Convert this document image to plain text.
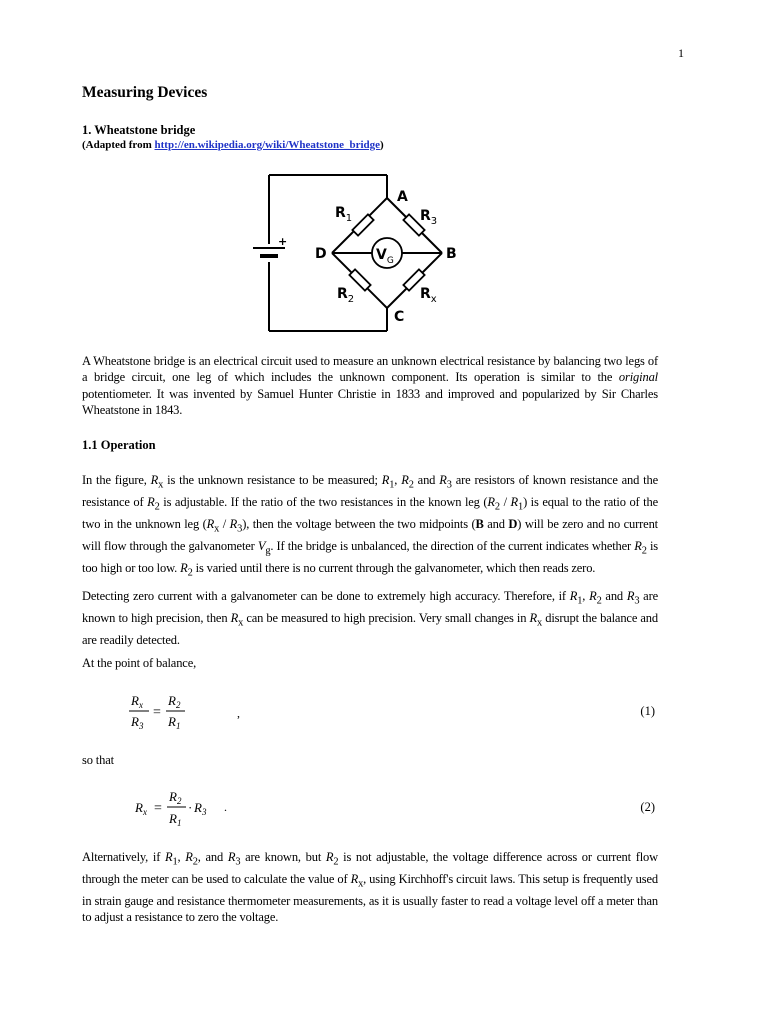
1
Measuring Devices
1. Wheatstone bridge
(Adapted from http://en.wikipedia.org/wiki/Wheatstone_bridge)
+
A
B
C
D
$R_1$	$R_3$
$R_2$	$R_x$
$V_G$

A Wheatstone bridge is an electrical circuit used to measure an unknown electrical resistance by balancing two legs of a bridge circuit, one leg of which includes the unknown component. Its operation is similar to the original potentiometer. It was invented by Samuel Hunter Christie in 1833 and improved and popularized by Sir Charles Wheatstone in 1843.

1.1 Operation

In the figure, $R_x$ is the unknown resistance to be measured; $R_1$, $R_2$ and $R_3$ are resistors of known resistance and the resistance of $R_2$ is adjustable. If the ratio of the two resistances in the known leg $(R_2 / R_1)$ is equal to the ratio of the two in the unknown leg $(R_x / R_3)$, then the voltage between the two midpoints (B and D) will be zero and no current will flow through the galvanometer $V_g$. If the bridge is unbalanced, the direction of the current indicates whether $R_2$ is too high or too low. $R_2$ is varied until there is no current through the galvanometer, which then reads zero.

Detecting zero current with a galvanometer can be done to extremely high accuracy. Therefore, if $R_1$, $R_2$ and $R_3$ are known to high precision, then $R_x$ can be measured to high precision. Very small changes in $R_x$ disrupt the balance and are readily detected.

At the point of balance,

$R_x$
$R_3$
=
$R_2$
$R_1$
,	(1)

so that

$R_x$ =
$R_2$
$R_1$
· $R_3$ .	(2)

Alternatively, if $R_1$, $R_2$, and $R_3$ are known, but $R_2$ is not adjustable, the voltage difference across or current flow through the meter can be used to calculate the value of $R_x$, using Kirchhoff's circuit laws. This setup is frequently used in strain gauge and resistance thermometer measurements, as it is usually faster to read a voltage level off a meter than to adjust a resistance to zero the voltage.
